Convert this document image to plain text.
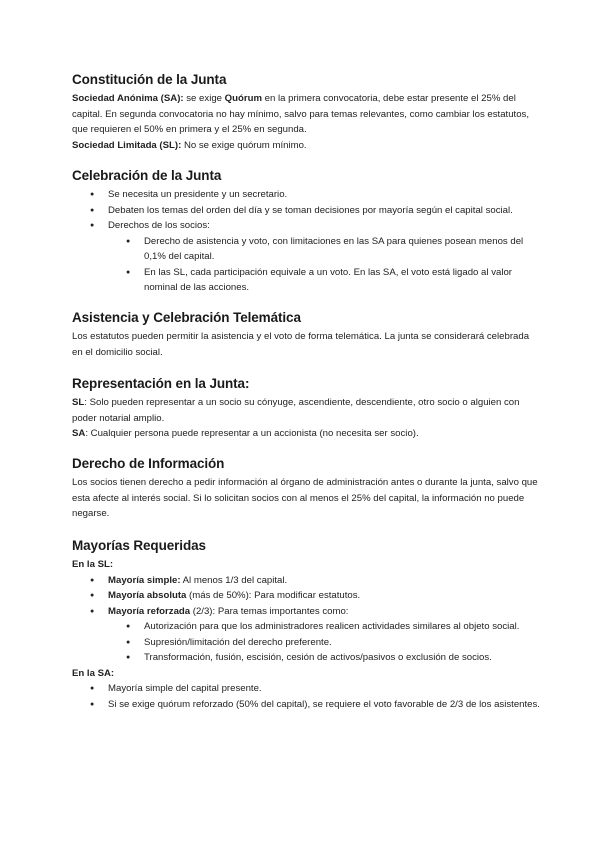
Constitución de la Junta

Sociedad Anónima (SA): se exige Quórum en la primera convocatoria, debe estar presente el 25% del capital. En segunda convocatoria no hay mínimo, salvo para temas relevantes, como cambiar los estatutos, que requieren el 50% en primera y el 25% en segunda.

Sociedad Limitada (SL): No se exige quórum mínimo.

Celebración de la Junta
● Se necesita un presidente y un secretario.
● Debaten los temas del orden del día y se toman decisiones por mayoría según el capital social.
● Derechos de los socios:
● Derecho de asistencia y voto, con limitaciones en las SA para quienes posean menos del 0,1% del capital.
● En las SL, cada participación equivale a un voto. En las SA, el voto está ligado al valor nominal de las acciones.
Asistencia y Celebración Telemática

Los estatutos pueden permitir la asistencia y el voto de forma telemática. La junta se considerará celebrada en el domicilio social.

Representación en la Junta:

SL: Solo pueden representar a un socio su cónyuge, ascendiente, descendiente, otro socio o alguien con poder notarial amplio.

SA: Cualquier persona puede representar a un accionista (no necesita ser socio).

Derecho de Información

Los socios tienen derecho a pedir información al órgano de administración antes o durante la junta, salvo que esta afecte al interés social. Si lo solicitan socios con al menos el 25% del capital, la información no puede negarse.

Mayorías Requeridas

En la SL:

● Mayoría simple: Al menos 1/3 del capital.
● Mayoría absoluta (más de 50%): Para modificar estatutos.
● Mayoría reforzada (2/3): Para temas importantes como:
● Autorización para que los administradores realicen actividades similares al objeto social.
● Supresión/limitación del derecho preferente.
● Transformación, fusión, escisión, cesión de activos/pasivos o exclusión de socios.

En la SA:

● Mayoría simple del capital presente.
● Si se exige quórum reforzado (50% del capital), se requiere el voto favorable de 2/3 de los asistentes.
